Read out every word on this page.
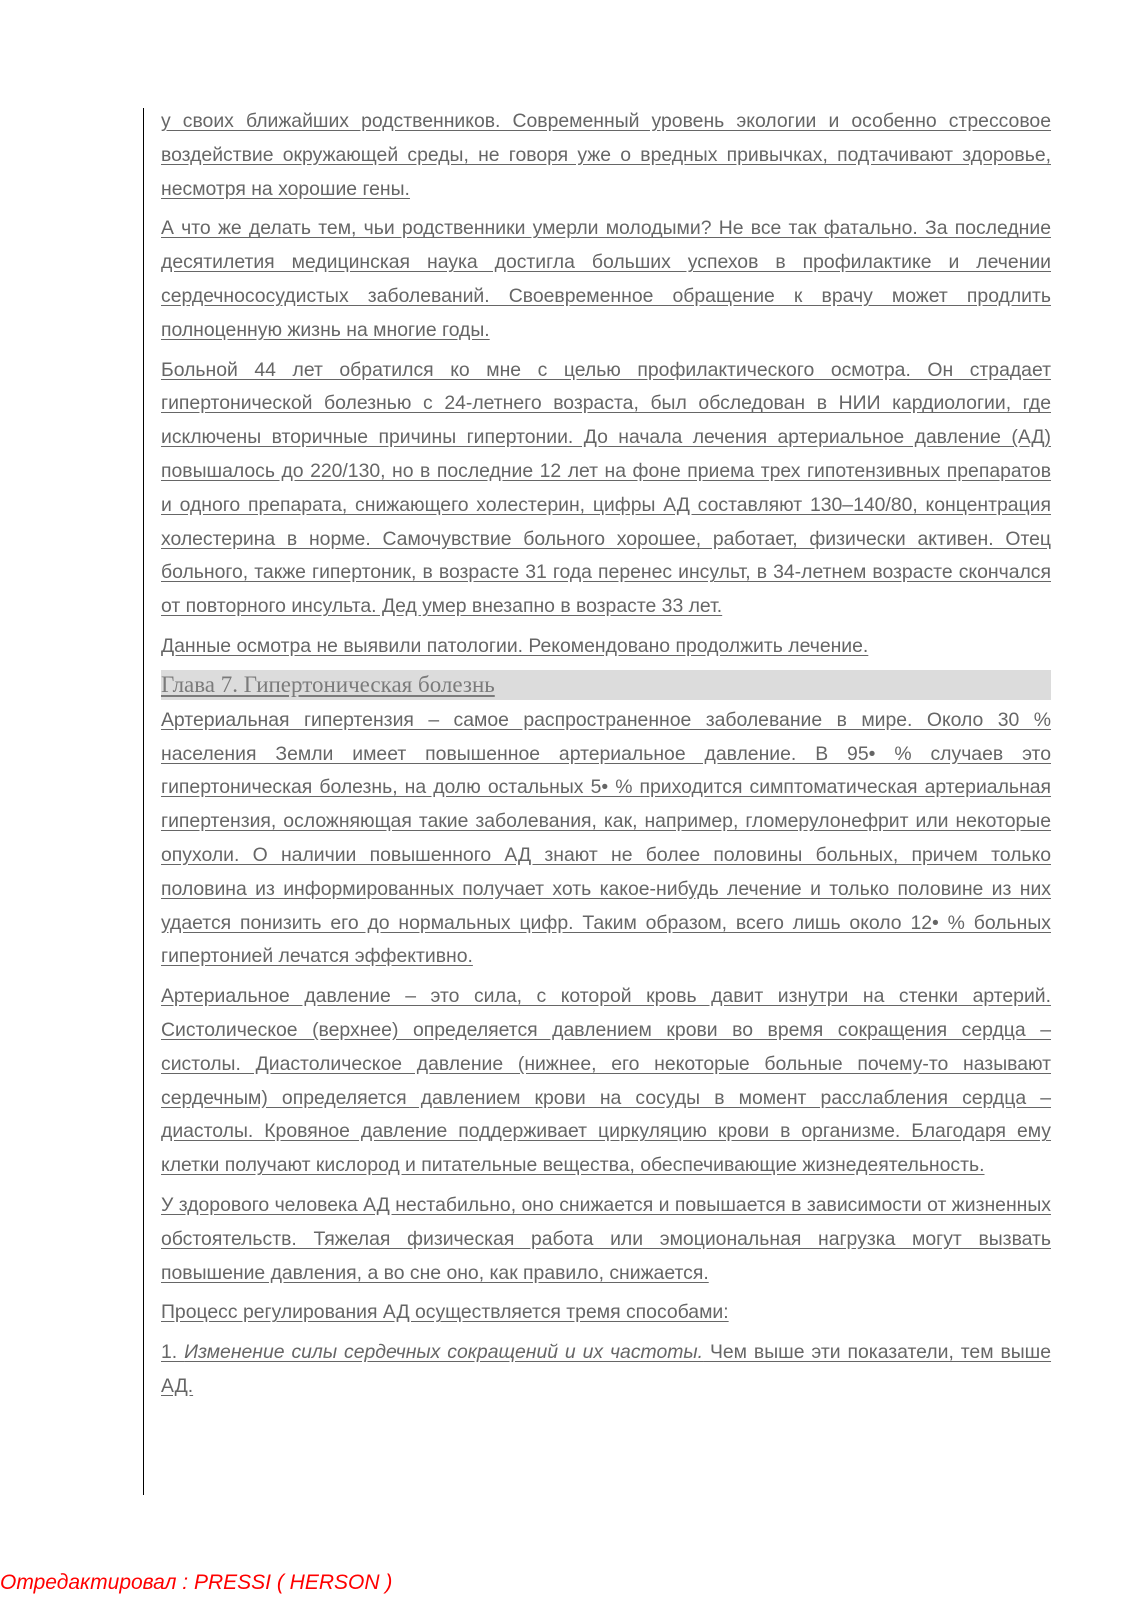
у своих ближайших родственников. Современный уровень экологии и особенно стрессовое воздействие окружающей среды, не говоря уже о вредных привычках, подтачивают здоровье, несмотря на хорошие гены.

А что же делать тем, чьи родственники умерли молодыми? Не все так фатально. За последние десятилетия медицинская наука достигла больших успехов в профилактике и лечении сердечнососудистых заболеваний. Своевременное обращение к врачу может продлить полноценную жизнь на многие годы.

Больной 44 лет обратился ко мне с целью профилактического осмотра. Он страдает гипертонической болезнью с 24-летнего возраста, был обследован в НИИ кардиологии, где исключены вторичные причины гипертонии. До начала лечения артериальное давление (АД) повышалось до 220/130, но в последние 12 лет на фоне приема трех гипотензивных препаратов и одного препарата, снижающего холестерин, цифры АД составляют 130–140/80, концентрация холестерина в норме. Самочувствие больного хорошее, работает, физически активен. Отец больного, также гипертоник, в возрасте 31 года перенес инсульт, в 34-летнем возрасте скончался от повторного инсульта. Дед умер внезапно в возрасте 33 лет.

Данные осмотра не выявили патологии. Рекомендовано продолжить лечение.

Глава 7. Гипертоническая болезнь

Артериальная гипертензия – самое распространенное заболевание в мире. Около 30 % населения Земли имеет повышенное артериальное давление. В 95• % случаев это гипертоническая болезнь, на долю остальных 5• % приходится симптоматическая артериальная гипертензия, осложняющая такие заболевания, как, например, гломерулонефрит или некоторые опухоли. О наличии повышенного АД знают не более половины больных, причем только половина из информированных получает хоть какое-нибудь лечение и только половине из них удается понизить его до нормальных цифр. Таким образом, всего лишь около 12• % больных гипертонией лечатся эффективно.

Артериальное давление – это сила, с которой кровь давит изнутри на стенки артерий. Систолическое (верхнее) определяется давлением крови во время сокращения сердца – систолы. Диастолическое давление (нижнее, его некоторые больные почему-то называют сердечным) определяется давлением крови на сосуды в момент расслабления сердца – диастолы. Кровяное давление поддерживает циркуляцию крови в организме. Благодаря ему клетки получают кислород и питательные вещества, обеспечивающие жизнедеятельность.

У здорового человека АД нестабильно, оно снижается и повышается в зависимости от жизненных обстоятельств. Тяжелая физическая работа или эмоциональная нагрузка могут вызвать повышение давления, а во сне оно, как правило, снижается.

Процесс регулирования АД осуществляется тремя способами:

1. Изменение силы сердечных сокращений и их частоты. Чем выше эти показатели, тем выше АД.

Отредактировал : PRESSI ( HERSON )
